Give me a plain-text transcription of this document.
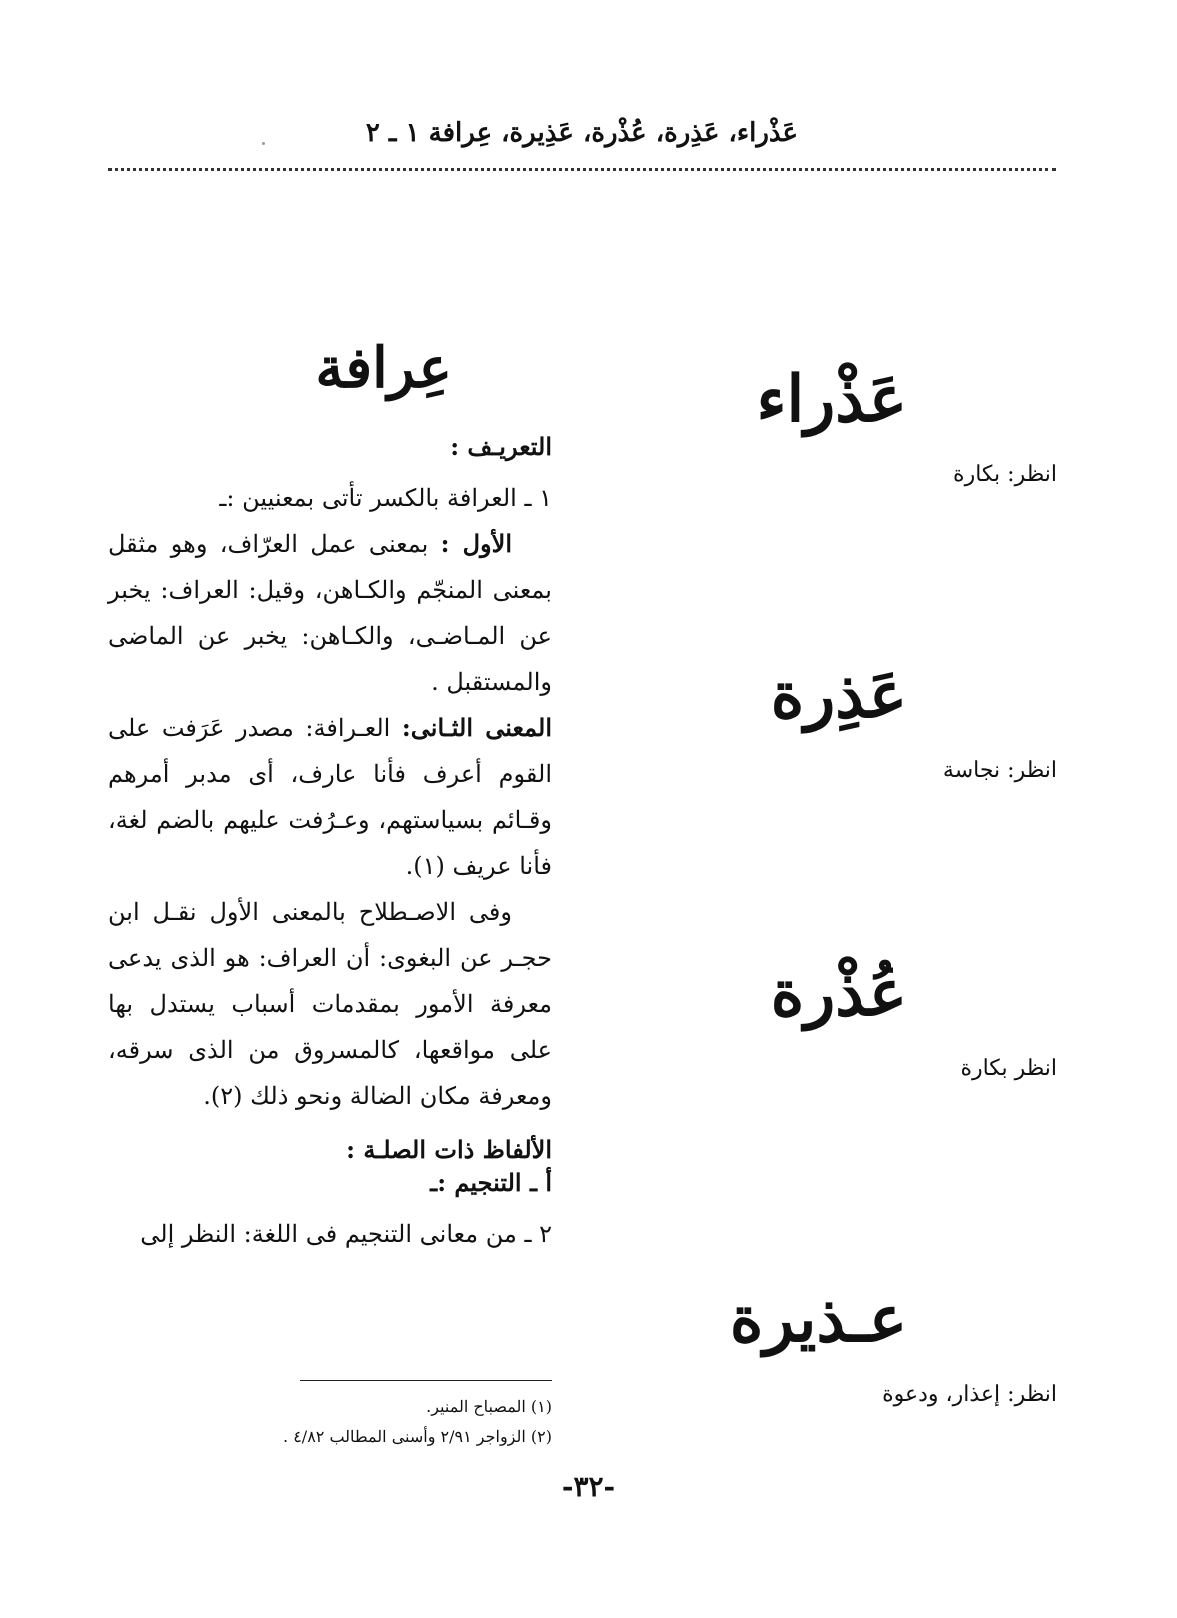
عَذْراء، عَذِرة، عُذْرة، عَذِيرة، عِرافة ١ ـ ٢
عَذْراء
انظر: بكارة
عَذِرة
انظر: نجاسة
عُذْرة
انظر بكارة
عـذيرة
انظر: إعذار، ودعوة
عِرافة
التعريـف :

١ ـ العرافة بالكسر تأتى بمعنيين :ـ

الأول : بمعنى عمل العرّاف، وهو مثقل بمعنى المنجّم والكـاهن، وقيل: العراف: يخبر عن المـاضـى، والكـاهن: يخبر عن الماضى والمستقبل .

المعنى الثـانى: العـرافة: مصدر عَرَفت على القوم أعرف فأنا عارف، أى مدبر أمرهم وقـائم بسياستهم، وعـرُفت عليهم بالضم لغة، فأنا عريف (١).

وفى الاصـطلاح بالمعنى الأول نقـل ابن حجـر عن البغوى: أن العراف: هو الذى يدعى معرفة الأمور بمقدمات أسباب يستدل بها على مواقعها، كالمسروق من الذى سرقه، ومعرفة مكان الضالة ونحو ذلك (٢).

الألفاظ ذات الصلـة :
أ ـ التنجيم :ـ

٢ ـ من معانى التنجيم فى اللغة: النظر إلى

(١) المصباح المنير.
(٢) الزواجر ٢/٩١ وأسنى المطالب ٤/٨٢ .
-٣٢-
